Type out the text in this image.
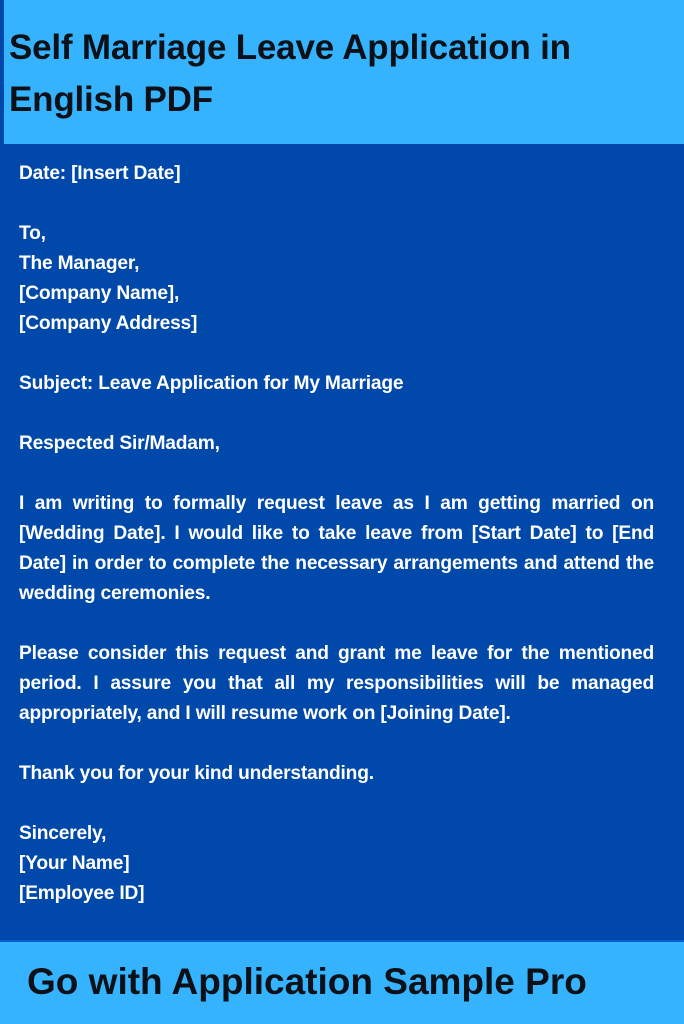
Self Marriage Leave Application in English PDF

Date: [Insert Date]

To,
The Manager,
[Company Name],
[Company Address]

Subject: Leave Application for My Marriage

Respected Sir/Madam,

I am writing to formally request leave as I am getting married on [Wedding Date]. I would like to take leave from [Start Date] to [End Date] in order to complete the necessary arrangements and attend the wedding ceremonies.

Please consider this request and grant me leave for the mentioned period. I assure you that all my responsibilities will be managed appropriately, and I will resume work on [Joining Date].

Thank you for your kind understanding.

Sincerely,
[Your Name]
[Employee ID]

Go with Application Sample Pro
